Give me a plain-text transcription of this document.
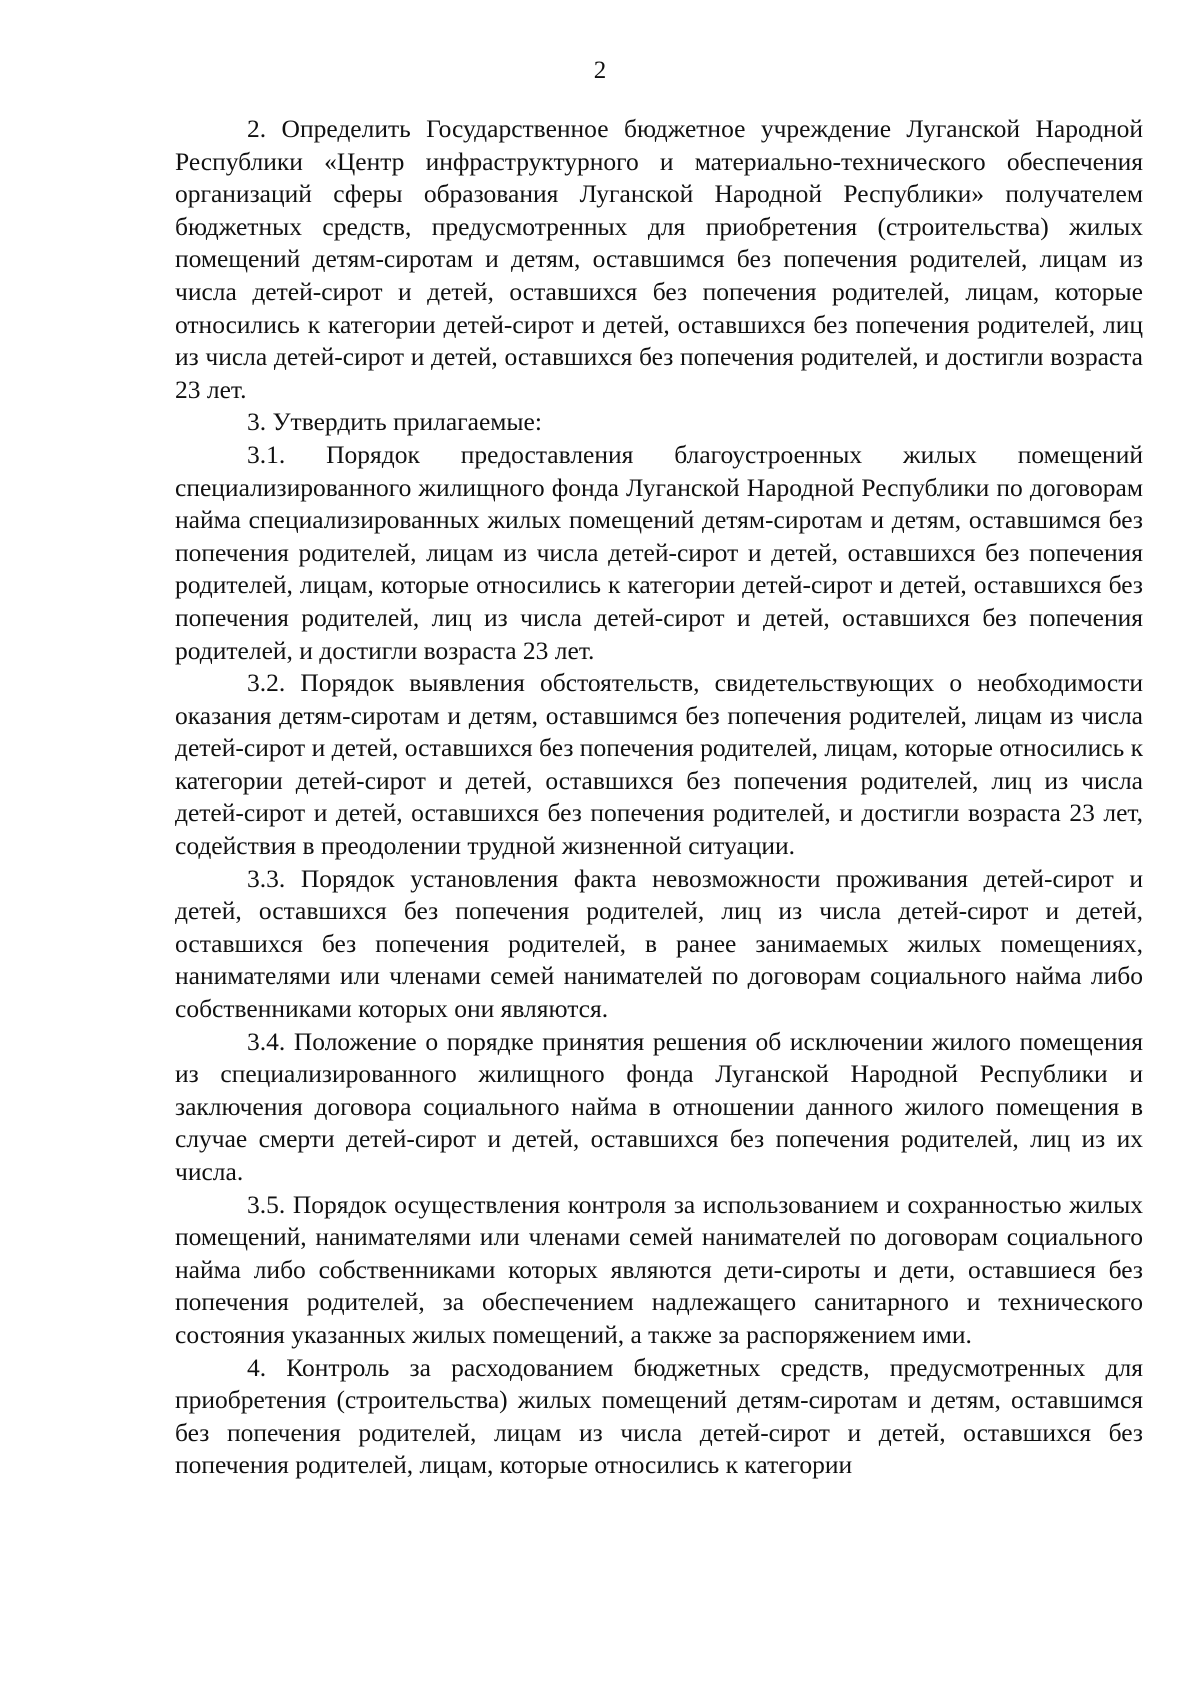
2

2. Определить Государственное бюджетное учреждение Луганской Народной Республики «Центр инфраструктурного и материально-технического обеспечения организаций сферы образования Луганской Народной Республики» получателем бюджетных средств, предусмотренных для приобретения (строительства) жилых помещений детям-сиротам и детям, оставшимся без попечения родителей, лицам из числа детей-сирот и детей, оставшихся без попечения родителей, лицам, которые относились к категории детей-сирот и детей, оставшихся без попечения родителей, лиц из числа детей-сирот и детей, оставшихся без попечения родителей, и достигли возраста 23 лет.

3. Утвердить прилагаемые:

3.1. Порядок предоставления благоустроенных жилых помещений специализированного жилищного фонда Луганской Народной Республики по договорам найма специализированных жилых помещений детям-сиротам и детям, оставшимся без попечения родителей, лицам из числа детей-сирот и детей, оставшихся без попечения родителей, лицам, которые относились к категории детей-сирот и детей, оставшихся без попечения родителей, лиц из числа детей-сирот и детей, оставшихся без попечения родителей, и достигли возраста 23 лет.

3.2. Порядок выявления обстоятельств, свидетельствующих о необходимости оказания детям-сиротам и детям, оставшимся без попечения родителей, лицам из числа детей-сирот и детей, оставшихся без попечения родителей, лицам, которые относились к категории детей-сирот и детей, оставшихся без попечения родителей, лиц из числа детей-сирот и детей, оставшихся без попечения родителей, и достигли возраста 23 лет, содействия в преодолении трудной жизненной ситуации.

3.3. Порядок установления факта невозможности проживания детей-сирот и детей, оставшихся без попечения родителей, лиц из числа детей-сирот и детей, оставшихся без попечения родителей, в ранее занимаемых жилых помещениях, нанимателями или членами семей нанимателей по договорам социального найма либо собственниками которых они являются.

3.4. Положение о порядке принятия решения об исключении жилого помещения из специализированного жилищного фонда Луганской Народной Республики и заключения договора социального найма в отношении данного жилого помещения в случае смерти детей-сирот и детей, оставшихся без попечения родителей, лиц из их числа.

3.5. Порядок осуществления контроля за использованием и сохранностью жилых помещений, нанимателями или членами семей нанимателей по договорам социального найма либо собственниками которых являются дети-сироты и дети, оставшиеся без попечения родителей, за обеспечением надлежащего санитарного и технического состояния указанных жилых помещений, а также за распоряжением ими.

4. Контроль за расходованием бюджетных средств, предусмотренных для приобретения (строительства) жилых помещений детям-сиротам и детям, оставшимся без попечения родителей, лицам из числа детей-сирот и детей, оставшихся без попечения родителей, лицам, которые относились к категории
